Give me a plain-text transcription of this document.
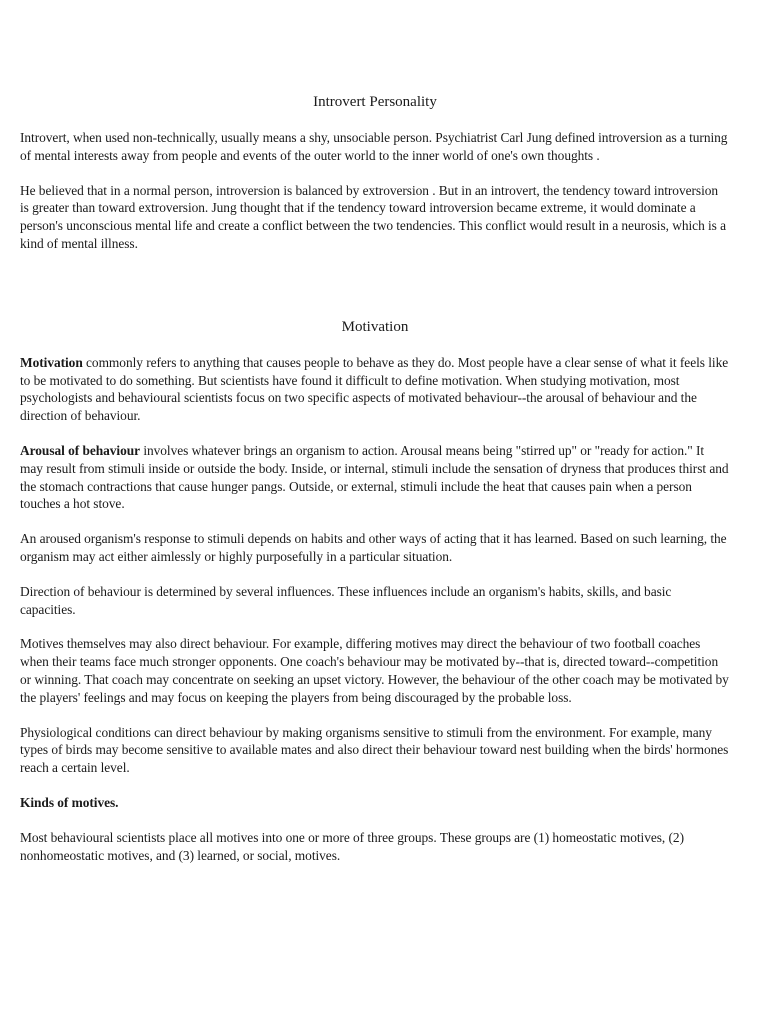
Introvert Personality

Introvert, when used non-technically, usually means a shy, unsociable person. Psychiatrist Carl Jung defined introversion as a turning of mental interests away from people and events of the outer world to the inner world of one's own thoughts .

He believed that in a normal person, introversion is balanced by extroversion . But in an introvert, the tendency toward introversion is greater than toward extroversion. Jung thought that if the tendency toward introversion became extreme, it would dominate a person's unconscious mental life and create a conflict between the two tendencies. This conflict would result in a neurosis, which is a kind of mental illness.

Motivation

Motivation commonly refers to anything that causes people to behave as they do. Most people have a clear sense of what it feels like to be motivated to do something. But scientists have found it difficult to define motivation. When studying motivation, most psychologists and behavioural scientists focus on two specific aspects of motivated behaviour--the arousal of behaviour and the direction of behaviour.

Arousal of behaviour involves whatever brings an organism to action. Arousal means being "stirred up" or "ready for action." It may result from stimuli inside or outside the body. Inside, or internal, stimuli include the sensation of dryness that produces thirst and the stomach contractions that cause hunger pangs. Outside, or external, stimuli include the heat that causes pain when a person touches a hot stove.

An aroused organism's response to stimuli depends on habits and other ways of acting that it has learned. Based on such learning, the organism may act either aimlessly or highly purposefully in a particular situation.

Direction of behaviour is determined by several influences. These influences include an organism's habits, skills, and basic capacities.

Motives themselves may also direct behaviour. For example, differing motives may direct the behaviour of two football coaches when their teams face much stronger opponents. One coach's behaviour may be motivated by--that is, directed toward--competition or winning. That coach may concentrate on seeking an upset victory. However, the behaviour of the other coach may be motivated by the players' feelings and may focus on keeping the players from being discouraged by the probable loss.

Physiological conditions can direct behaviour by making organisms sensitive to stimuli from the environment. For example, many types of birds may become sensitive to available mates and also direct their behaviour toward nest building when the birds' hormones reach a certain level.

Kinds of motives.

Most behavioural scientists place all motives into one or more of three groups. These groups are (1) homeostatic motives, (2) nonhomeostatic motives, and (3) learned, or social, motives.
